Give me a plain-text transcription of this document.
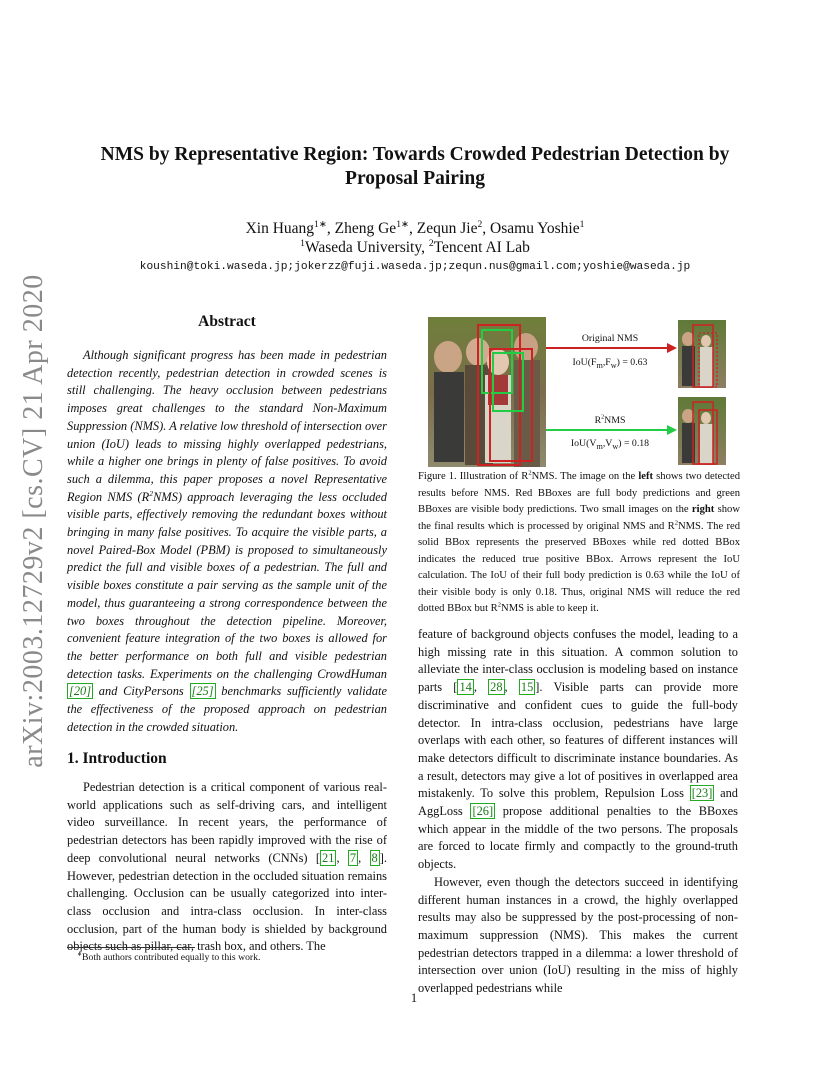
arXiv:2003.12729v2 [cs.CV] 21 Apr 2020
NMS by Representative Region: Towards Crowded Pedestrian Detection by
Proposal Pairing
Xin Huang$^{1∗}$, Zheng $Ge^{1∗}$, Zequn Jie$^2$, Osamu Yoshie$^1$
$^1$Waseda University, $^2$Tencent AI Lab
koushin@toki.waseda.jp;jokerzz@fuji.waseda.jp;zequn.nus@gmail.com;yoshie@waseda.jp
Abstract
Although significant progress has been made in pedestrian detection recently, pedestrian detection in crowded scenes is still challenging. The heavy occlusion between pedestrians imposes great challenges to the standard Non-Maximum Suppression (NMS). A relative low threshold of intersection over union (IoU) leads to missing highly overlapped pedestrians, while a higher one brings in plenty of false positives. To avoid such a dilemma, this paper proposes a novel Representative Region NMS $(R^2NMS)$ approach leveraging the less occluded visible parts, effectively removing the redundant boxes without bringing in many false positives. To acquire the visible parts, a novel Paired-Box Model (PBM) is proposed to simultaneously predict the full and visible boxes of a pedestrian. The full and visible boxes constitute a pair serving as the sample unit of the model, thus guaranteeing a strong correspondence between the two boxes throughout the detection pipeline. Moreover, convenient feature integration of the two boxes is allowed for the better performance on both full and visible pedestrian detection tasks. Experiments on the challenging CrowdHuman [20] and CityPersons [25] benchmarks sufficiently validate the effectiveness of the proposed approach on pedestrian detection in the crowded situation.
1. Introduction
Pedestrian detection is a critical component of various real-world applications such as self-driving cars, and intelligent video surveillance. In recent years, the performance of pedestrian detectors has been rapidly improved with the rise of deep convolutional neural networks (CNNs) [ 21 , 7 , 8 ]. However, pedestrian detection in the occluded situation remains challenging. Occlusion can be usually categorized into inter-class occlusion and intra-class occlusion. In inter-class occlusion, part of the human body is shielded by background objects such as pillar, car, trash box, and others. The
∗Both authors contributed equally to this work.
Original NMS
$IoU(F_m,F_w) = 0.63$
$R^2NMS$
$IoU(V_m,V_w) = 0.18$
Figure 1. Illustration of $R^2NMS$. The image on the left shows two detected results before NMS. Red BBoxes are full body predictions and green BBoxes are visible body predictions. Two small images on the right show the final results which is processed by original NMS and $R^2NMS$. The red solid BBox represents the preserved BBoxes while red dotted BBox indicates the reduced true positive BBox. Arrows represent the IoU calculation. The IoU of their full body prediction is 0.63 while the IoU of their visible body is only 0.18. Thus, original NMS will reduce the red dotted BBox but $R^2NMS$ is able to keep it.

feature of background objects confuses the model, leading to a high missing rate in this situation. A common solution to alleviate the inter-class occlusion is modeling based on instance parts [ 14 , 28 , 15 ]. Visible parts can provide more discriminative and confident cues to guide the full-body detector. In intra-class occlusion, pedestrians have large overlaps with each other, so features of different instances will make detectors difficult to discriminate instance boundaries. As a result, detectors may give a lot of positives in overlapped area mistakenly. To solve this problem, Repulsion Loss [23] and AggLoss [26] propose additional penalties to the BBoxes which appear in the middle of the two persons. The proposals are forced to locate firmly and compactly to the ground-truth objects.

However, even though the detectors succeed in identifying different human instances in a crowd, the highly overlapped results may also be suppressed by the post-processing of non-maximum suppression (NMS). This makes the current pedestrian detectors trapped in a dilemma: a lower threshold of intersection over union (IoU) resulting in the miss of highly overlapped pedestrians while

1
